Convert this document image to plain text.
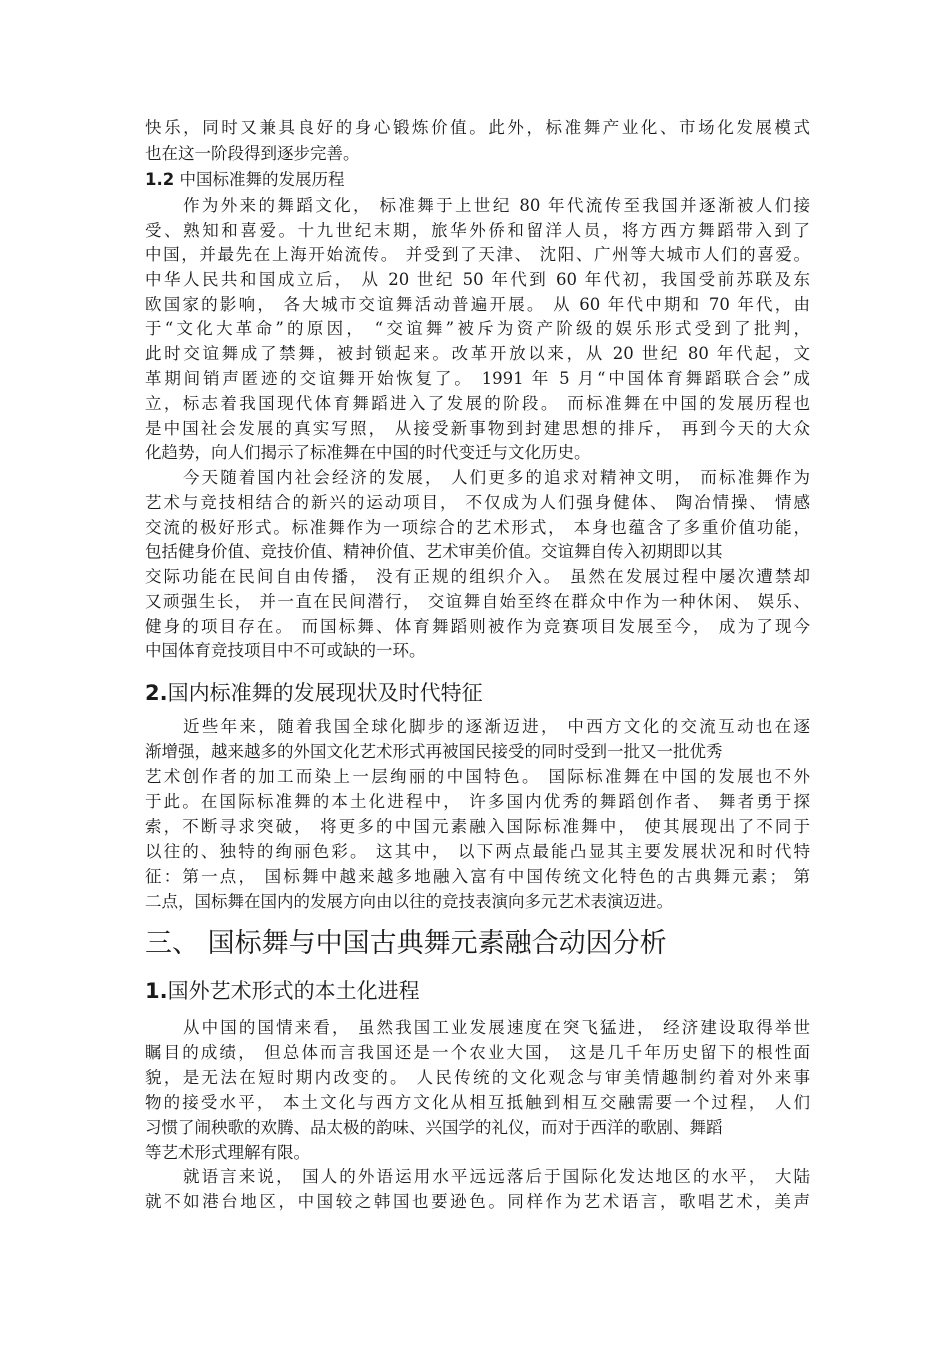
快乐，同时又兼具良好的身心锻炼价值。此外，标准舞产业化、市场化发展模式
也在这一阶段得到逐步完善。
1.2 中国标准舞的发展历程
作为外来的舞蹈文化， 标准舞于上世纪 80 年代流传至我国并逐渐被人们接
受、熟知和喜爱。十九世纪末期，旅华外侨和留洋人员，将方西方舞蹈带入到了
中国，并最先在上海开始流传。 并受到了天津、 沈阳、广州等大城市人们的喜爱。
中华人民共和国成立后， 从 20 世纪 50 年代到 60 年代初，我国受前苏联及东
欧国家的影响， 各大城市交谊舞活动普遍开展。 从 60 年代中期和 70 年代，由
于“文化大革命”的原因， “交谊舞”被斥为资产阶级的娱乐形式受到了批判，
此时交谊舞成了禁舞，被封锁起来。改革开放以来，从 20 世纪 80 年代起，文
革期间销声匿迹的交谊舞开始恢复了。 1991 年 5 月“中国体育舞蹈联合会”成
立，标志着我国现代体育舞蹈进入了发展的阶段。 而标准舞在中国的发展历程也
是中国社会发展的真实写照， 从接受新事物到封建思想的排斥， 再到今天的大众
化趋势，向人们揭示了标准舞在中国的时代变迁与文化历史。
今天随着国内社会经济的发展， 人们更多的追求对精神文明， 而标准舞作为
艺术与竞技相结合的新兴的运动项目， 不仅成为人们强身健体、 陶冶情操、 情感
交流的极好形式。标准舞作为一项综合的艺术形式， 本身也蕴含了多重价值功能，
包括健身价值、竞技价值、精神价值、艺术审美价值。交谊舞自传入初期即以其
交际功能在民间自由传播， 没有正规的组织介入。 虽然在发展过程中屡次遭禁却
又顽强生长， 并一直在民间潜行， 交谊舞自始至终在群众中作为一种休闲、 娱乐、
健身的项目存在。 而国标舞、体育舞蹈则被作为竞赛项目发展至今， 成为了现今
中国体育竞技项目中不可或缺的一环。
2.国内标准舞的发展现状及时代特征
近些年来，随着我国全球化脚步的逐渐迈进， 中西方文化的交流互动也在逐
渐增强，越来越多的外国文化艺术形式再被国民接受的同时受到一批又一批优秀
艺术创作者的加工而染上一层绚丽的中国特色。 国际标准舞在中国的发展也不外
于此。在国际标准舞的本土化进程中， 许多国内优秀的舞蹈创作者、 舞者勇于探
索，不断寻求突破， 将更多的中国元素融入国际标准舞中， 使其展现出了不同于
以往的、独特的绚丽色彩。 这其中， 以下两点最能凸显其主要发展状况和时代特
征：第一点， 国标舞中越来越多地融入富有中国传统文化特色的古典舞元素； 第
二点，国标舞在国内的发展方向由以往的竞技表演向多元艺术表演迈进。
三、 国标舞与中国古典舞元素融合动因分析
1.国外艺术形式的本土化进程
从中国的国情来看， 虽然我国工业发展速度在突飞猛进， 经济建设取得举世
瞩目的成绩， 但总体而言我国还是一个农业大国， 这是几千年历史留下的根性面
貌，是无法在短时期内改变的。 人民传统的文化观念与审美情趣制约着对外来事
物的接受水平， 本土文化与西方文化从相互抵触到相互交融需要一个过程， 人们
习惯了闹秧歌的欢腾、品太极的韵味、兴国学的礼仪，而对于西洋的歌剧、舞蹈
等艺术形式理解有限。
就语言来说， 国人的外语运用水平远远落后于国际化发达地区的水平， 大陆
就不如港台地区，中国较之韩国也要逊色。同样作为艺术语言，歌唱艺术，美声
